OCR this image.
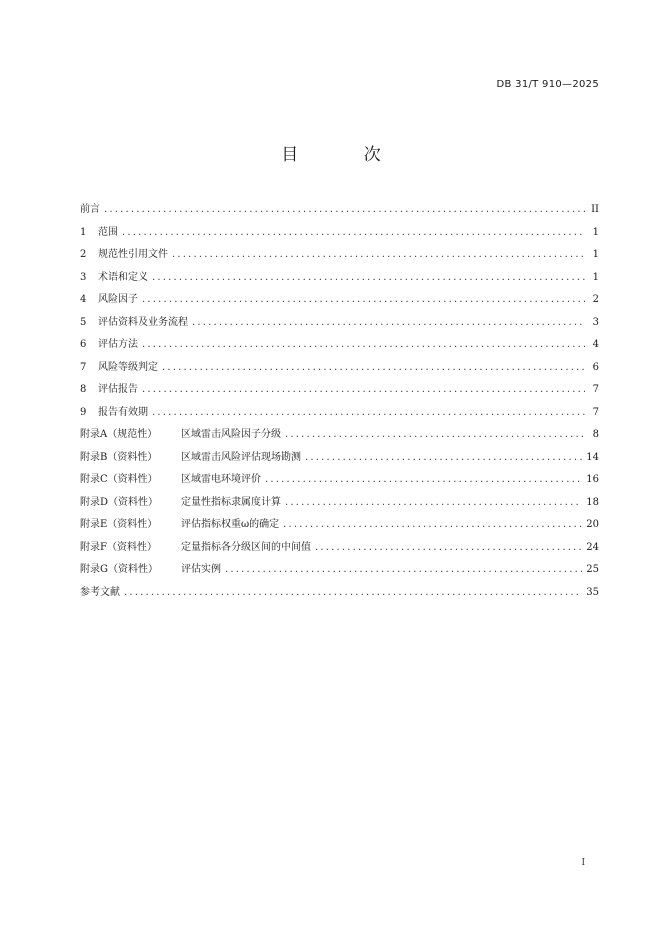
DB 31/T 910—2025
目 次
前言 .....	II
1	范围 .....	1
2	规范性引用文件 .....	1
3	术语和定义 .....	1
4	风险因子 .....	2
5	评估资料及业务流程 .....	3
6	评估方法 .....	4
7	风险等级判定 .....	6
8	评估报告 .....	7
9	报告有效期 .....	7
附录A（规范性）	区域雷击风险因子分级 .....	8
附录B（资料性）	区域雷击风险评估现场勘测 .....	14
附录C（资料性）	区域雷电环境评价 .....	16
附录D（资料性）	定量性指标隶属度计算 .....	18
附录E（资料性）	评估指标权重ω的确定 .....	20
附录F（资料性）	定量指标各分级区间的中间值 .....	24
附录G（资料性）	评估实例 .....	25
参考文献 .....	35
I
